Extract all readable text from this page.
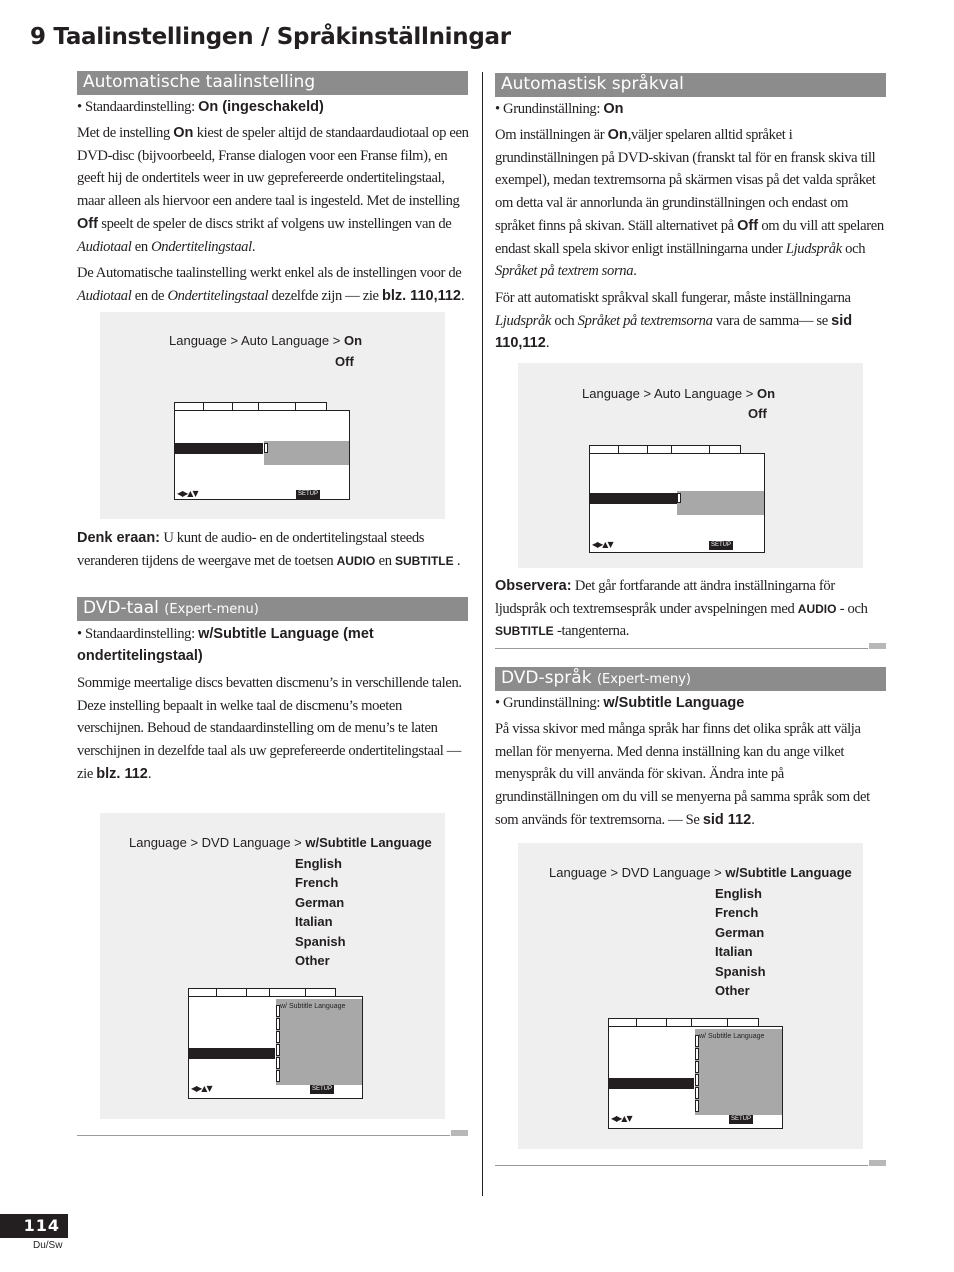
9 Taalinstellingen / Språkinställningar
Automatische taalinstelling
• Standaardinstelling: On (ingeschakeld)
Met de instelling On kiest de speler altijd de standaardaudiotaal op een DVD-disc (bijvoorbeeld, Franse dialogen voor een Franse film), en geeft hij de ondertitels weer in uw geprefereerde ondertitelingstaal, maar alleen als hiervoor een andere taal is ingesteld. Met de instelling Off speelt de speler de discs strikt af volgens uw instellingen van de Audiotaal en Ondertitelingstaal.
De Automatische taalinstelling werkt enkel als de instellingen voor de Audiotaal en de Ondertitelingstaal dezelfde zijn — zie blz. 110,112.
Language > Auto Language > On
Off
◀▶▲▼	SETUP
Denk eraan: U kunt de audio- en de ondertitelingstaal steeds veranderen tijdens de weergave met de toetsen AUDIO en SUBTITLE .
DVD-taal (Expert-menu)
• Standaardinstelling: w/Subtitle Language (met ondertitelingstaal)
Sommige meertalige discs bevatten discmenu’s in verschillende talen. Deze instelling bepaalt in welke taal de discmenu’s moeten verschijnen. Behoud de standaardinstelling om de menu’s te laten verschijnen in dezelfde taal als uw geprefereerde ondertitelingstaal — zie blz. 112.
Language > DVD Language > w/Subtitle Language
English
French
German
Italian
Spanish
Other
w/ Subtitle Language
◀▶▲▼	SETUP
Automastisk språkval
• Grundinställning: On
Om inställningen är On,väljer spelaren alltid språket i grundinställningen på DVD-skivan (franskt tal för en fransk skiva till exempel), medan textremsorna på skärmen visas på det valda språket om detta val är annorlunda än grundinställningen och endast om språket finns på skivan. Ställ alternativet på Off om du vill att spelaren endast skall spela skivor enligt inställningarna under Ljudspråk och Språket på textrem sorna.
För att automatiskt språkval skall fungerar, måste inställningarna Ljudspråk och Språket på textremsorna vara de samma— se sid 110,112.
Language > Auto Language > On
Off
◀▶▲▼	SETUP
Observera: Det går fortfarande att ändra inställningarna för ljudspråk och textremsespråk under avspelningen med AUDIO - och SUBTITLE -tangenterna.
DVD-språk (Expert-meny)
• Grundinställning: w/Subtitle Language
På vissa skivor med många språk har finns det olika språk att välja mellan för menyerna. Med denna inställning kan du ange vilket menyspråk du vill använda för skivan. Ändra inte på grundinställningen om du vill se menyerna på samma språk som det som används för textremsorna. — Se sid 112.
Language > DVD Language > w/Subtitle Language
English
French
German
Italian
Spanish
Other
w/ Subtitle Language
◀▶▲▼	SETUP
114
Du/Sw
